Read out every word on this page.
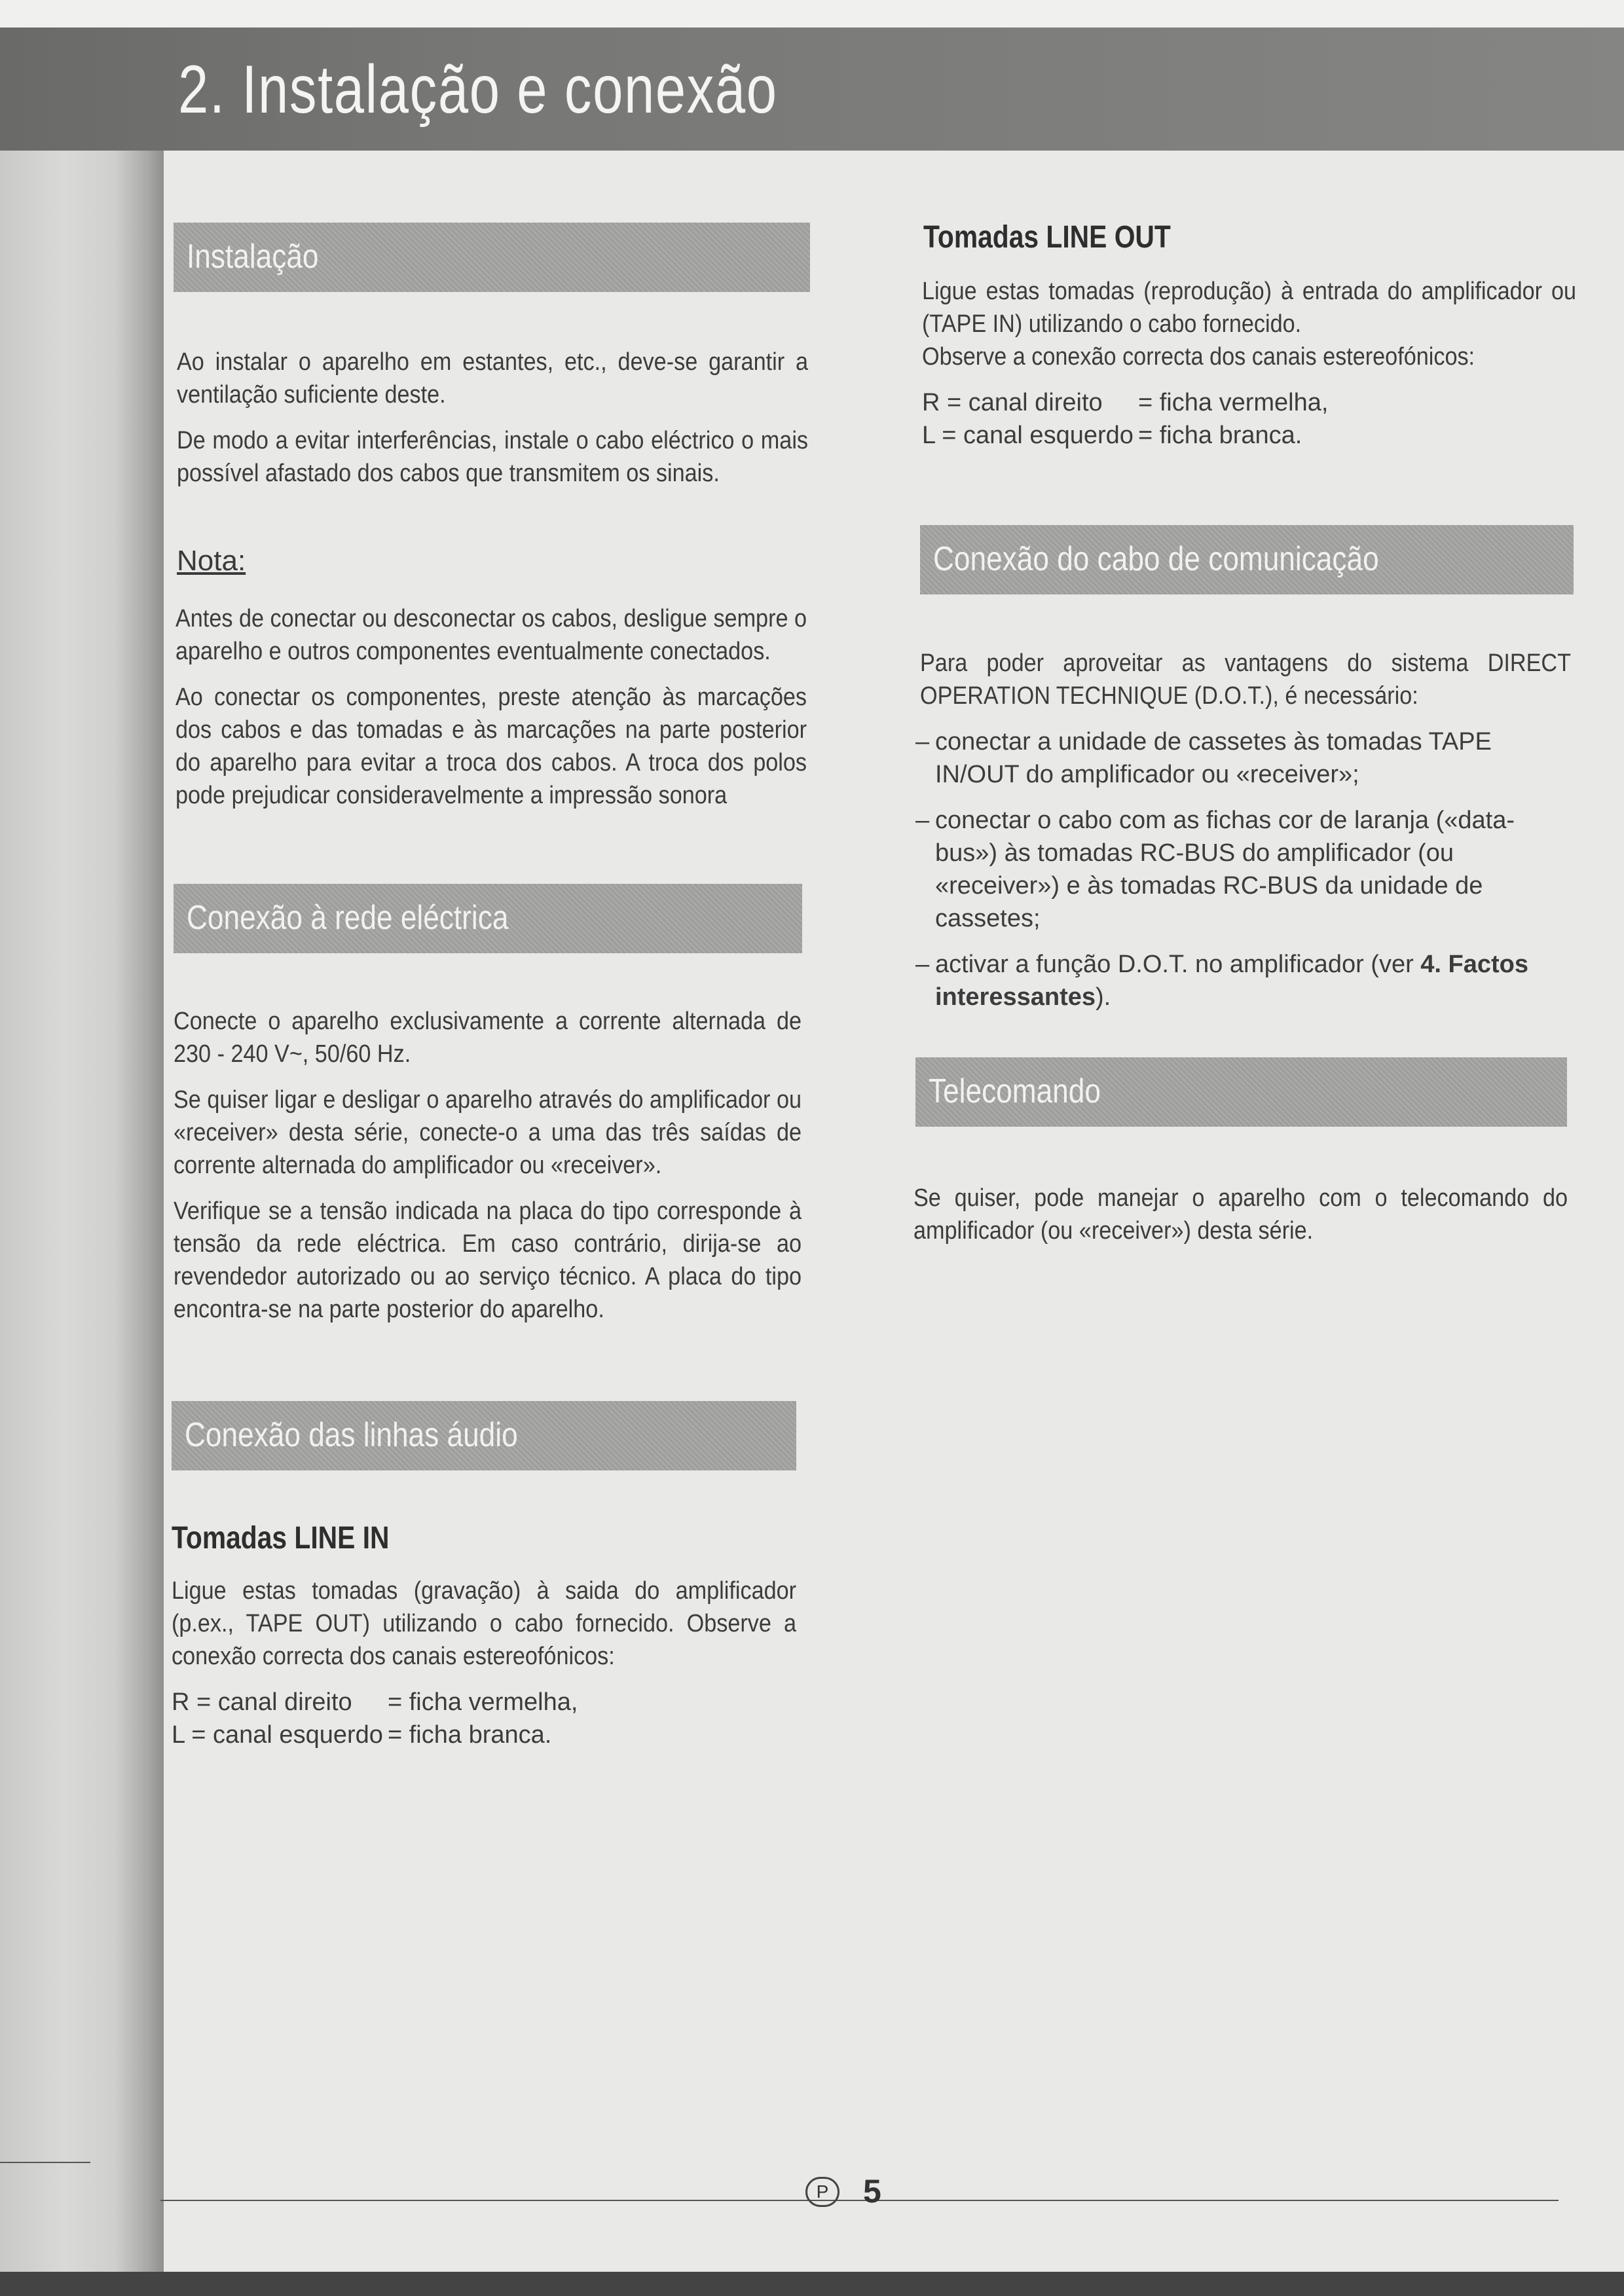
2. Instalação e conexão
Instalação

Ao instalar o aparelho em estantes, etc., deve-se garantir a ventilação suficiente deste.

De modo a evitar interferências, instale o cabo eléctrico o mais possível afastado dos cabos que transmitem os sinais.

Nota:

Antes de conectar ou desconectar os cabos, desligue sempre o aparelho e outros componentes eventualmente conectados.

Ao conectar os componentes, preste atenção às marcações dos cabos e das tomadas e às marcações na parte posterior do aparelho para evitar a troca dos cabos. A troca dos polos pode prejudicar consideravelmente a impressão sonora

Conexão à rede eléctrica

Conecte o aparelho exclusivamente a corrente alternada de 230 - 240 V~, 50/60 Hz.

Se quiser ligar e desligar o aparelho através do amplificador ou «receiver» desta série, conecte-o a uma das três saídas de corrente alternada do amplificador ou «receiver».

Verifique se a tensão indicada na placa do tipo corresponde à tensão da rede eléctrica. Em caso contrário, dirija-se ao revendedor autorizado ou ao serviço técnico. A placa do tipo encontra-se na parte posterior do aparelho.

Conexão das linhas áudio
Tomadas LINE IN

Ligue estas tomadas (gravação) à saida do amplificador (p.ex., TAPE OUT) utilizando o cabo fornecido. Observe a conexão correcta dos canais estereofónicos:

R = canal direito	= ficha vermelha,
L = canal esquerdo = ficha branca.
Tomadas LINE OUT

Ligue estas tomadas (reprodução) à entrada do amplificador ou (TAPE IN) utilizando o cabo fornecido.

Observe a conexão correcta dos canais estereofónicos:

R = canal direito	= ficha vermelha,
L = canal esquerdo = ficha branca.
Conexão do cabo de comunicação

Para poder aproveitar as vantagens do sistema DIRECT OPERATION TECHNIQUE (D.O.T.), é necessário:

– conectar a unidade de cassetes às tomadas TAPE IN/OUT do amplificador ou «receiver»;
– conectar o cabo com as fichas cor de laranja («data-bus») às tomadas RC-BUS do amplificador (ou «receiver») e às tomadas RC-BUS da unidade de cassetes;
– activar a função D.O.T. no amplificador (ver 4. Factos interessantes).
Telecomando

Se quiser, pode manejar o aparelho com o telecomando do amplificador (ou «receiver») desta série.

P	5
